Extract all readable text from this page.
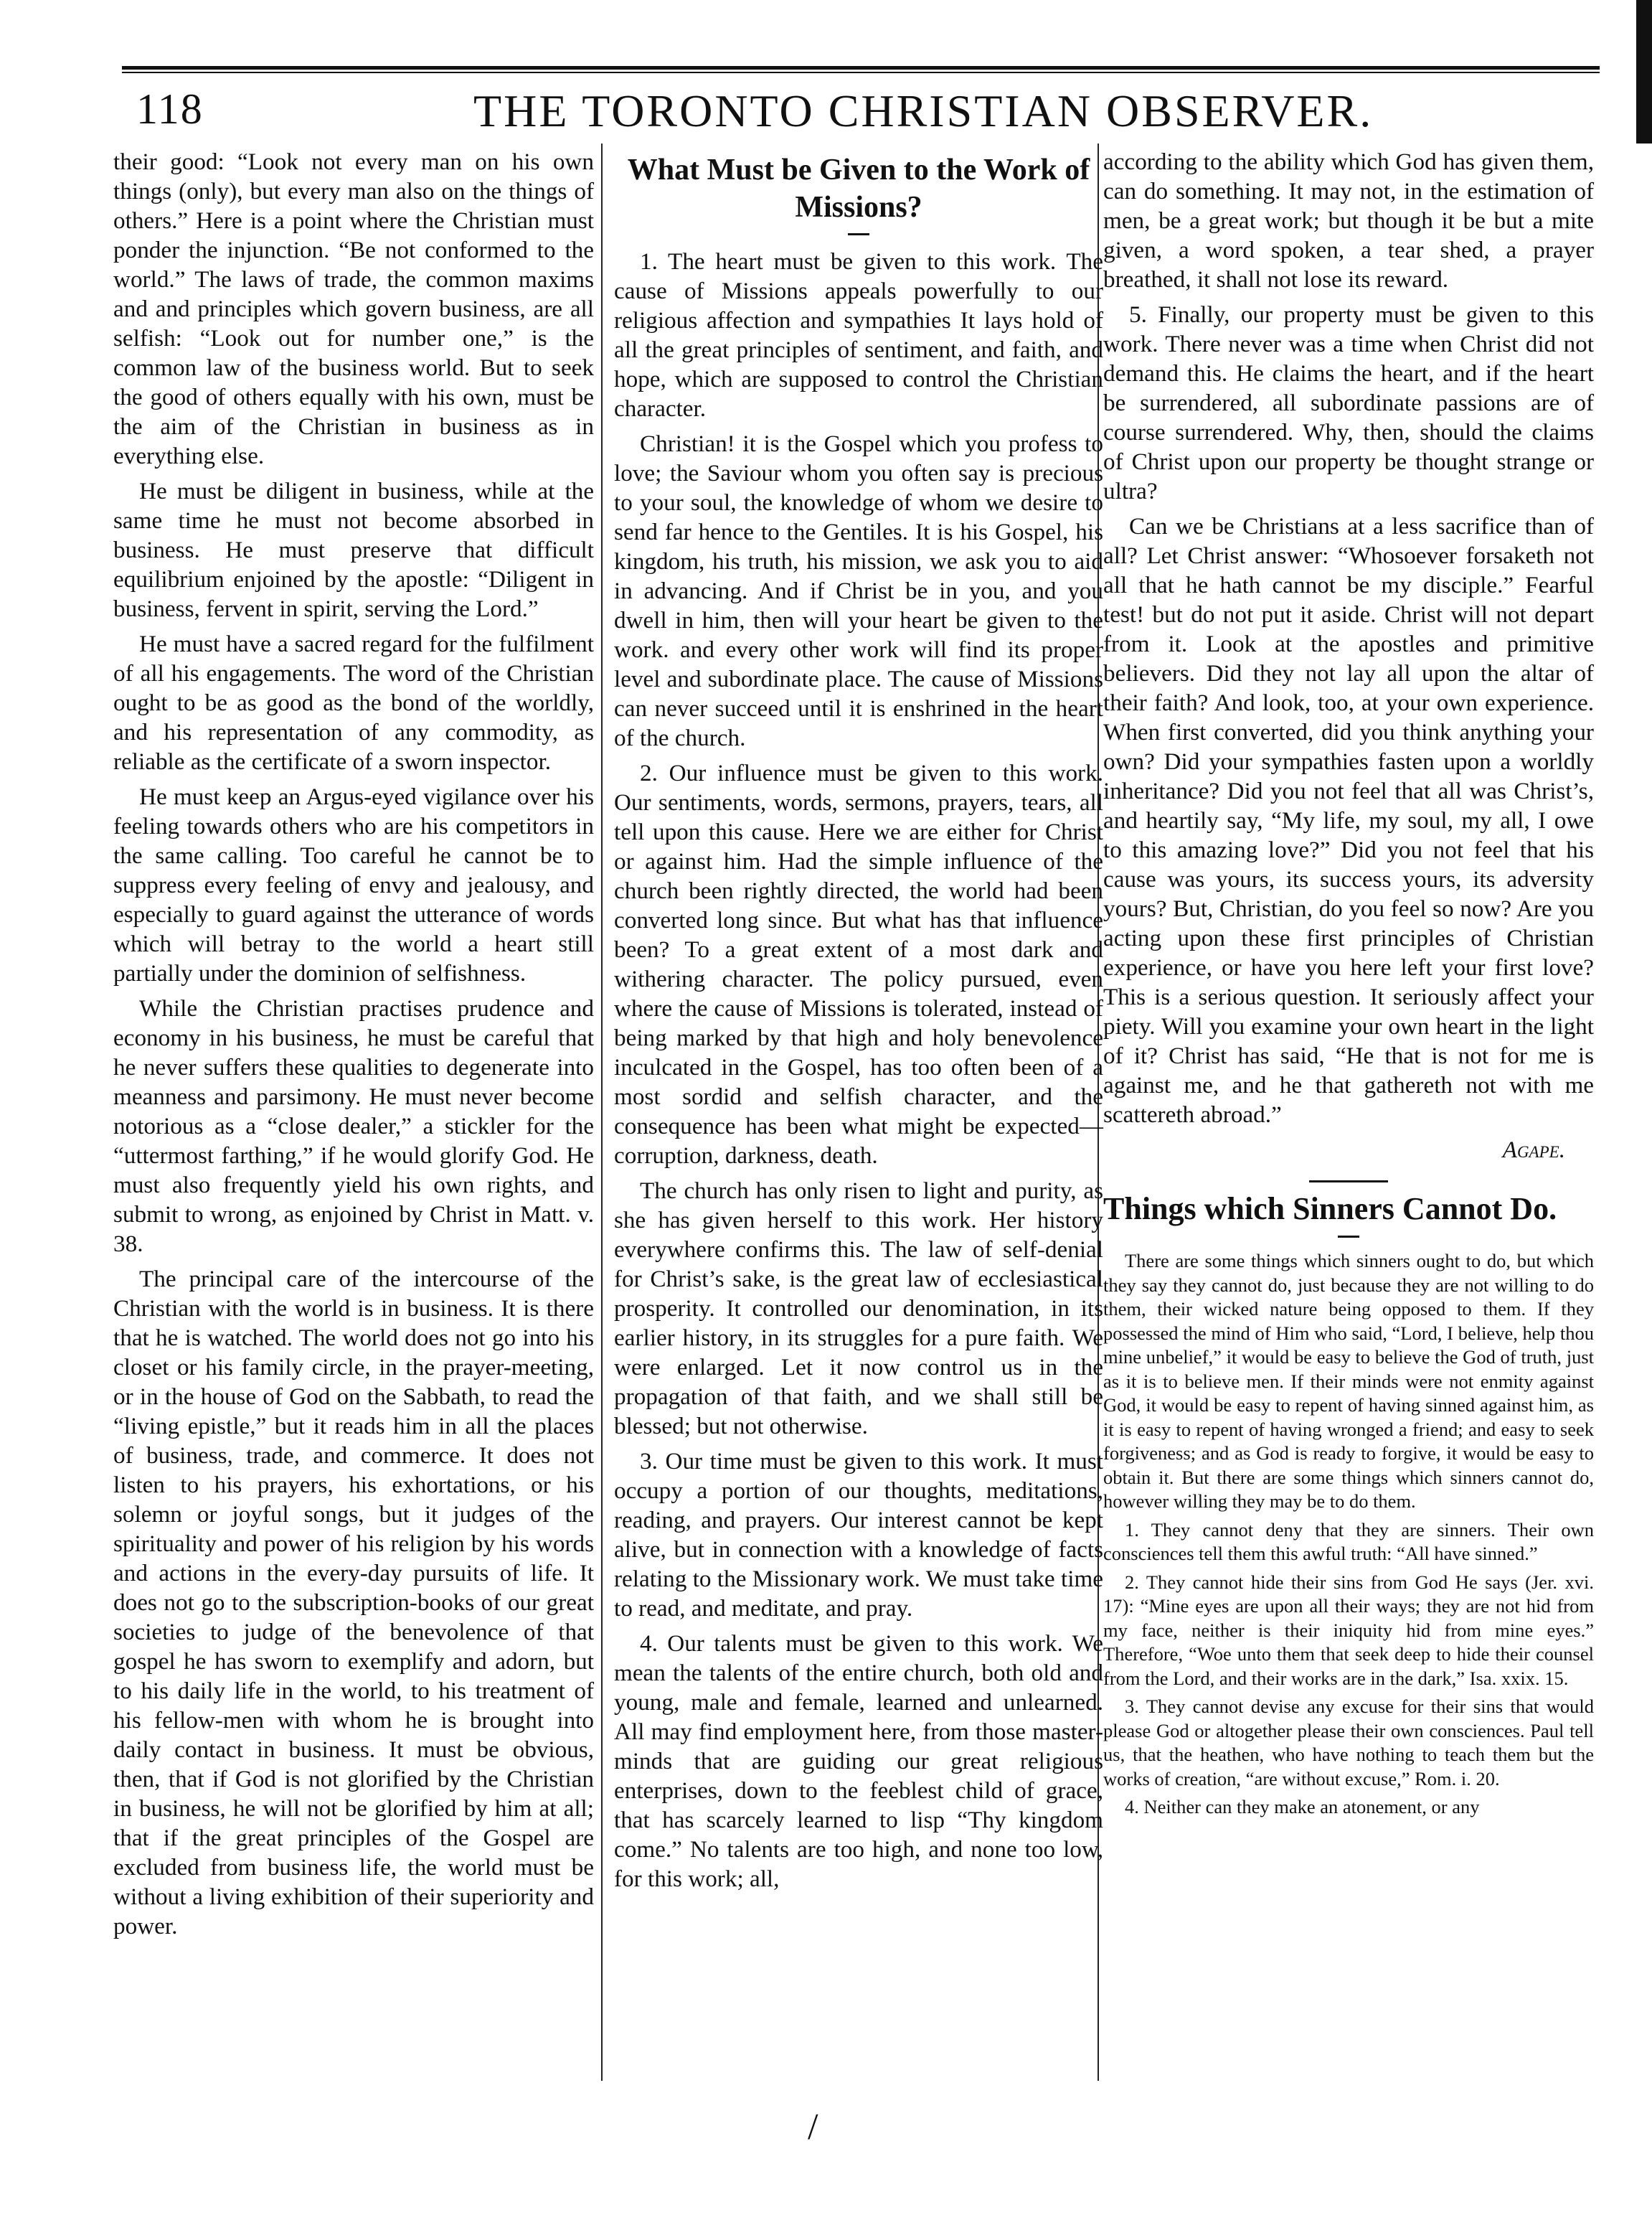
118	THE TORONTO CHRISTIAN OBSERVER.

their good: “Look not every man on his own things (only), but every man also on the things of others.” Here is a point where the Christian must ponder the injunction. “Be not conformed to the world.” The laws of trade, the common maxims and and principles which govern business, are all selfish: “Look out for number one,” is the common law of the business world. But to seek the good of others equally with his own, must be the aim of the Christian in business as in everything else.

He must be diligent in business, while at the same time he must not become absorbed in business. He must preserve that difficult equilibrium enjoined by the apostle: “Diligent in business, fervent in spirit, serving the Lord.”

He must have a sacred regard for the fulfilment of all his engagements. The word of the Christian ought to be as good as the bond of the worldly, and his representation of any commodity, as reliable as the certificate of a sworn inspector.

He must keep an Argus-eyed vigilance over his feeling towards others who are his competitors in the same calling. Too careful he cannot be to suppress every feeling of envy and jealousy, and especially to guard against the utterance of words which will betray to the world a heart still partially under the dominion of selfishness.

While the Christian practises prudence and economy in his business, he must be careful that he never suffers these qualities to degenerate into meanness and parsimony. He must never become notorious as a “close dealer,” a stickler for the “uttermost farthing,” if he would glorify God. He must also frequently yield his own rights, and submit to wrong, as enjoined by Christ in Matt. v. 38.

The principal care of the intercourse of the Christian with the world is in business. It is there that he is watched. The world does not go into his closet or his family circle, in the prayer-meeting, or in the house of God on the Sabbath, to read the “living epistle,” but it reads him in all the places of business, trade, and commerce. It does not listen to his prayers, his exhortations, or his solemn or joyful songs, but it judges of the spirituality and power of his religion by his words and actions in the every-day pursuits of life. It does not go to the subscription-books of our great societies to judge of the benevolence of that gospel he has sworn to exemplify and adorn, but to his daily life in the world, to his treatment of his fellow-men with whom he is brought into daily contact in business. It must be obvious, then, that if God is not glorified by the Christian in business, he will not be glorified by him at all; that if the great principles of the Gospel are excluded from business life, the world must be without a living exhibition of their superiority and power.

What Must be Given to the Work of Missions?

1. The heart must be given to this work. The cause of Missions appeals powerfully to our religious affection and sympathies It lays hold of all the great principles of sentiment, and faith, and hope, which are supposed to control the Christian character.

Christian! it is the Gospel which you profess to love; the Saviour whom you often say is precious to your soul, the knowledge of whom we desire to send far hence to the Gentiles. It is his Gospel, his kingdom, his truth, his mission, we ask you to aid in advancing. And if Christ be in you, and you dwell in him, then will your heart be given to the work. and every other work will find its proper level and subordinate place. The cause of Missions can never succeed until it is enshrined in the heart of the church.

2. Our influence must be given to this work. Our sentiments, words, sermons, prayers, tears, all tell upon this cause. Here we are either for Christ or against him. Had the simple influence of the church been rightly directed, the world had been converted long since. But what has that influence been? To a great extent of a most dark and withering character. The policy pursued, even where the cause of Missions is tolerated, instead of being marked by that high and holy benevolence inculcated in the Gospel, has too often been of a most sordid and selfish character, and the consequence has been what might be expected—corruption, darkness, death.

The church has only risen to light and purity, as she has given herself to this work. Her history everywhere confirms this. The law of self-denial for Christ’s sake, is the great law of ecclesiastical prosperity. It controlled our denomination, in its earlier history, in its struggles for a pure faith. We were enlarged. Let it now control us in the propagation of that faith, and we shall still be blessed; but not otherwise.

3. Our time must be given to this work. It must occupy a portion of our thoughts, meditations, reading, and prayers. Our interest cannot be kept alive, but in connection with a knowledge of facts relating to the Missionary work. We must take time to read, and meditate, and pray.

4. Our talents must be given to this work. We mean the talents of the entire church, both old and young, male and female, learned and unlearned. All may find employment here, from those master-minds that are guiding our great religious enterprises, down to the feeblest child of grace, that has scarcely learned to lisp “Thy kingdom come.” No talents are too high, and none too low, for this work; all,

according to the ability which God has given them, can do something. It may not, in the estimation of men, be a great work; but though it be but a mite given, a word spoken, a tear shed, a prayer breathed, it shall not lose its reward.

5. Finally, our property must be given to this work. There never was a time when Christ did not demand this. He claims the heart, and if the heart be surrendered, all subordinate passions are of course surrendered. Why, then, should the claims of Christ upon our property be thought strange or ultra?

Can we be Christians at a less sacrifice than of all? Let Christ answer: “Whosoever forsaketh not all that he hath cannot be my disciple.” Fearful test! but do not put it aside. Christ will not depart from it. Look at the apostles and primitive believers. Did they not lay all upon the altar of their faith? And look, too, at your own experience. When first converted, did you think anything your own? Did your sympathies fasten upon a worldly inheritance? Did you not feel that all was Christ’s, and heartily say, “My life, my soul, my all, I owe to this amazing love?” Did you not feel that his cause was yours, its success yours, its adversity yours? But, Christian, do you feel so now? Are you acting upon these first principles of Christian experience, or have you here left your first love? This is a serious question. It seriously affect your piety. Will you examine your own heart in the light of it? Christ has said, “He that is not for me is against me, and he that gathereth not with me scattereth abroad.”

Agape.

Things which Sinners Cannot Do.

There are some things which sinners ought to do, but which they say they cannot do, just because they are not willing to do them, their wicked nature being opposed to them. If they possessed the mind of Him who said, “Lord, I believe, help thou mine unbelief,” it would be easy to believe the God of truth, just as it is to believe men. If their minds were not enmity against God, it would be easy to repent of having sinned against him, as it is easy to repent of having wronged a friend; and easy to seek forgiveness; and as God is ready to forgive, it would be easy to obtain it. But there are some things which sinners cannot do, however willing they may be to do them.

1. They cannot deny that they are sinners. Their own consciences tell them this awful truth: “All have sinned.”

2. They cannot hide their sins from God He says (Jer. xvi. 17): “Mine eyes are upon all their ways; they are not hid from my face, neither is their iniquity hid from mine eyes.” Therefore, “Woe unto them that seek deep to hide their counsel from the Lord, and their works are in the dark,” Isa. xxix. 15.

3. They cannot devise any excuse for their sins that would please God or altogether please their own consciences. Paul tell us, that the heathen, who have nothing to teach them but the works of creation, “are without excuse,” Rom. i. 20.

4. Neither can they make an atonement, or any

/
